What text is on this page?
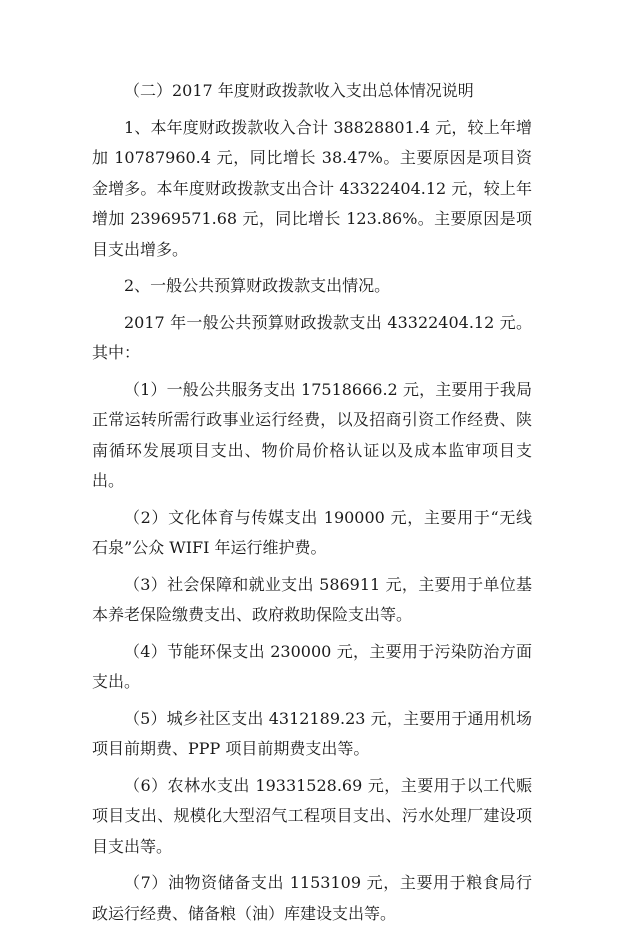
（二）2017 年度财政拨款收入支出总体情况说明

1、本年度财政拨款收入合计 38828801.4 元，较上年增加 10787960.4 元，同比增长 38.47%。主要原因是项目资金增多。本年度财政拨款支出合计 43322404.12 元，较上年增加 23969571.68 元，同比增长 123.86%。主要原因是项目支出增多。

2、一般公共预算财政拨款支出情况。

2017 年一般公共预算财政拨款支出 43322404.12 元。其中：

（1）一般公共服务支出 17518666.2 元，主要用于我局正常运转所需行政事业运行经费，以及招商引资工作经费、陕南循环发展项目支出、物价局价格认证以及成本监审项目支出。

（2）文化体育与传媒支出 190000 元，主要用于“无线石泉”公众 WIFI 年运行维护费。

（3）社会保障和就业支出 586911 元，主要用于单位基本养老保险缴费支出、政府救助保险支出等。

（4）节能环保支出 230000 元，主要用于污染防治方面支出。

（5）城乡社区支出 4312189.23 元，主要用于通用机场项目前期费、PPP 项目前期费支出等。

（6）农林水支出 19331528.69 元，主要用于以工代赈项目支出、规模化大型沼气工程项目支出、污水处理厂建设项目支出等。

（7）油物资储备支出 1153109 元，主要用于粮食局行政运行经费、储备粮（油）库建设支出等。
